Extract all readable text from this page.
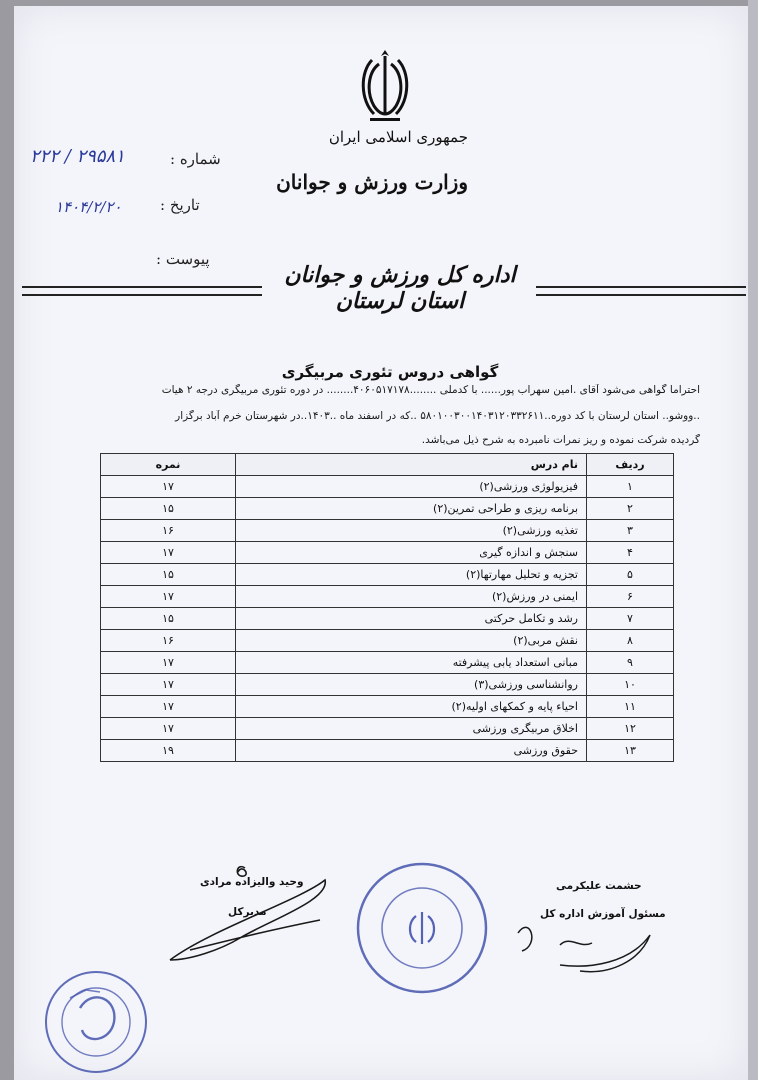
جمهوری اسلامی ایران
وزارت ورزش و جوانان
شماره :
۲۲۲ / ۲۹۵۸۱
تاریخ :
۱۴۰۴/۲/۲۰
پیوست :
اداره کل ورزش و جوانان استان لرستان
گواهی دروس تئوری مربیگری
احتراما گواهی می‌شود آقای .امین سهراب پور...... با کدملی ........۴۰۶۰۵۱۷۱۷۸........ در دوره تئوری مربیگری درجه ۲ هیات
..ووشو.. استان لرستان با کد دوره..۵۸۰۱۰۰۳۰۰۱۴۰۳۱۲۰۳۳۲۶۱۱ ..که در اسفند ماه ..۱۴۰۳..در شهرستان خرم آباد برگزار
گردیده شرکت نموده و ریز نمرات نامبرده به شرح ذیل می‌باشد.
ردیف	نام درس	نمره
۱	فیزیولوژی ورزشی(۲)	۱۷
۲	برنامه ریزی و طراحی تمرین(۲)	۱۵
۳	تغذیه ورزشی(۲)	۱۶
۴	سنجش و اندازه گیری	۱۷
۵	تجزیه و تحلیل مهارتها(۲)	۱۵
۶	ایمنی در ورزش(۲)	۱۷
۷	رشد و تکامل حرکتی	۱۵
۸	نقش مربی(۲)	۱۶
۹	مبانی استعداد یابی پیشرفته	۱۷
۱۰	روانشناسی ورزشی(۳)	۱۷
۱۱	احیاء پایه و کمکهای اولیه(۲)	۱۷
۱۲	اخلاق مربیگری ورزشی	۱۷
۱۳	حقوق ورزشی	۱۹
وحید والیزاده مرادی
مدیرکل
حشمت علیکرمی
مسئول آموزش اداره کل
